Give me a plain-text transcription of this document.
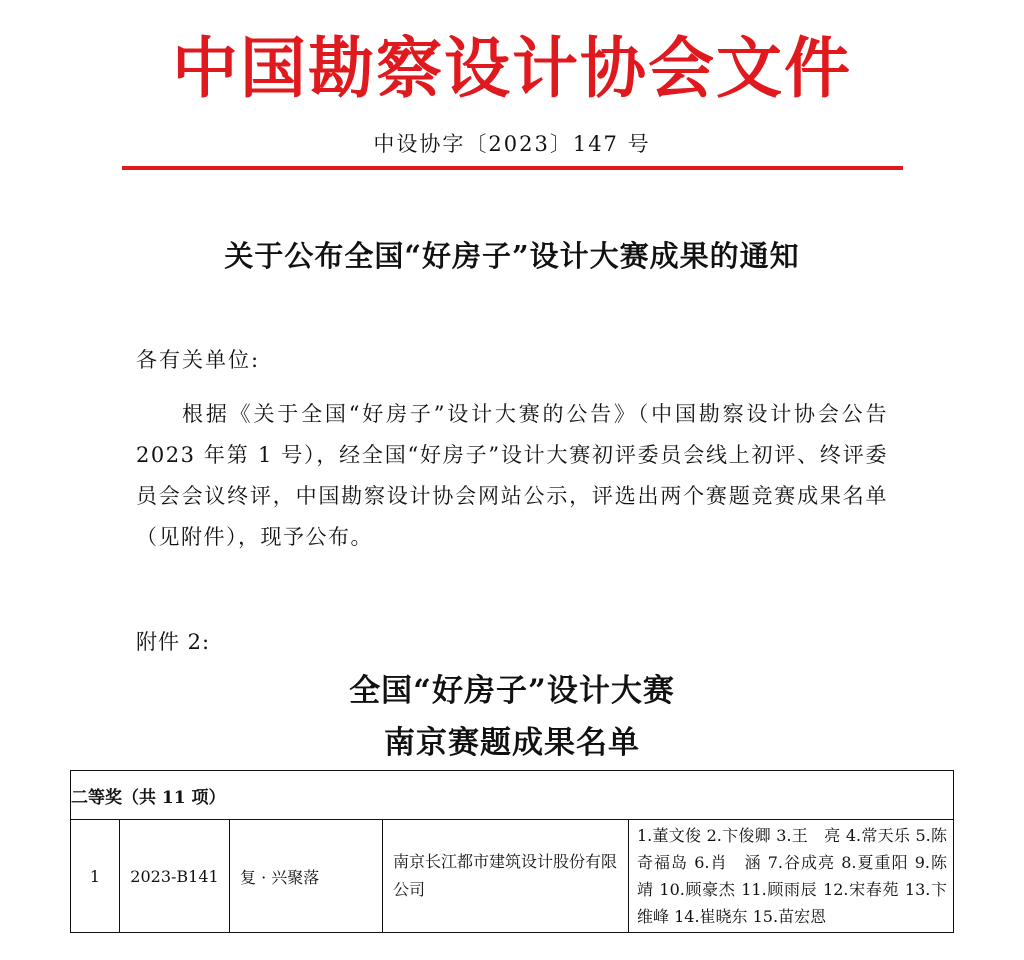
中国勘察设计协会文件
中设协字〔2023〕147 号
关于公布全国“好房子”设计大赛成果的通知
各有关单位:

根据《关于全国“好房子”设计大赛的公告》（中国勘察设计协会公告 2023 年第 1 号），经全国“好房子”设计大赛初评委员会线上初评、终评委员会会议终评，中国勘察设计协会网站公示，评选出两个赛题竞赛成果名单（见附件），现予公布。

附件 2:
全国“好房子”设计大赛
南京赛题成果名单
二等奖（共 11 项）
1	2023-B141	复 · 兴聚落	南京长江都市建筑设计股份有限公司	1.董文俊 2.卞俊卿 3.王　亮 4.常天乐 5.陈奇福岛 6.肖　涵 7.谷成亮 8.夏重阳 9.陈　靖 10.顾豪杰 11.顾雨辰 12.宋春苑 13.卞维峰 14.崔晓东 15.苗宏恩
